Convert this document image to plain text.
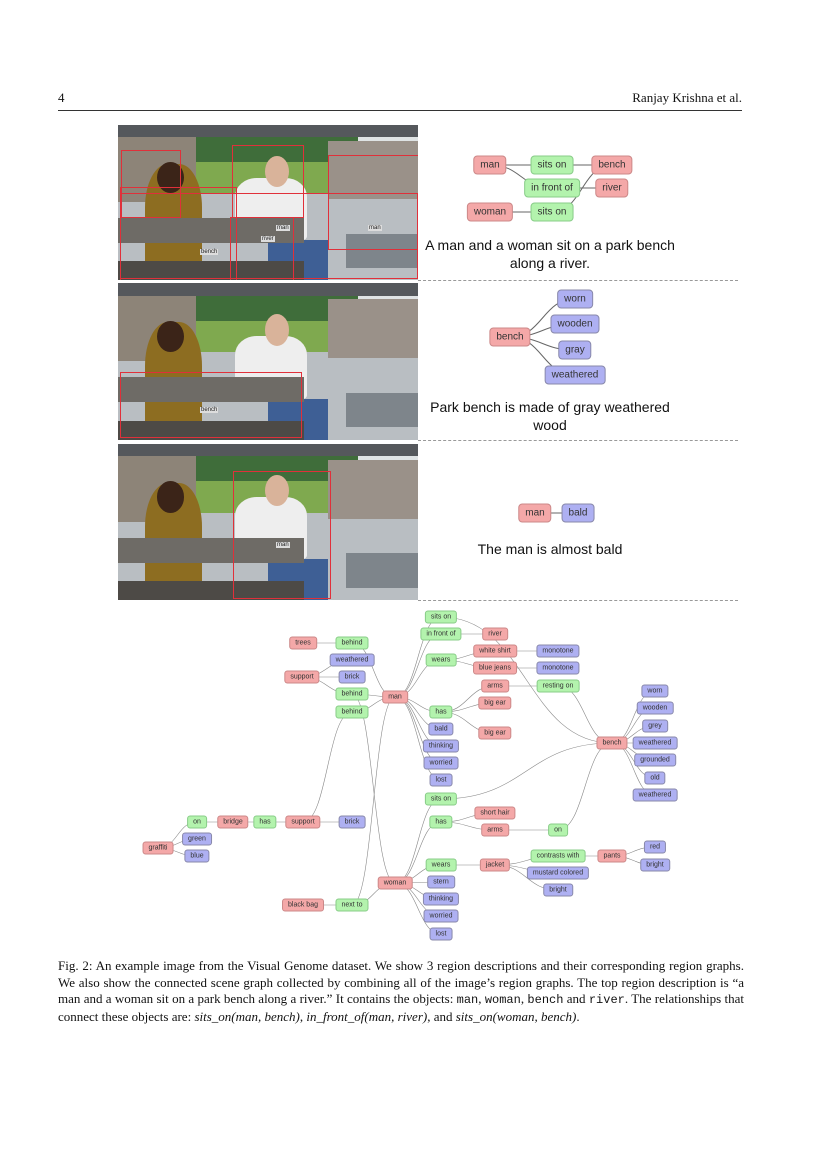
4	Ranjay Krishna et al.
bench
man
river
man
bench
man
man	sits on	bench
in front of	river
woman	sits on
bench
worn
wooden
gray
weathered
man	bald
trees	behind
weathered
support	brick
behind	man
behind
on	bridge	has	support	brick
green
graffiti
blue
woman
black bag	next to
sits on
in front of	river
wears
white shirt
blue jeans
monotone
monotone
arms	resting on
has
big ear
big ear
bald
thinking
worried
lost
bench
worn
wooden
grey
weathered
grounded
old
weathered
sits on
has
short hair
arms	on
wears	jacket
contrasts with
mustard colored
bright
pants
red
bright
stern
thinking
worried
lost
A man and a woman sit on a park bench along a river.
Park bench is made of gray weathered wood
The man is almost bald
Fig. 2: An example image from the Visual Genome dataset. We show 3 region descriptions and their corresponding region graphs. We also show the connected scene graph collected by combining all of the image’s region graphs. The top region description is “a man and a woman sit on a park bench along a river.” It contains the objects: man, woman, bench and river. The relationships that connect these objects are: sits_on(man, bench), in_front_of(man, river), and sits_on(woman, bench).
